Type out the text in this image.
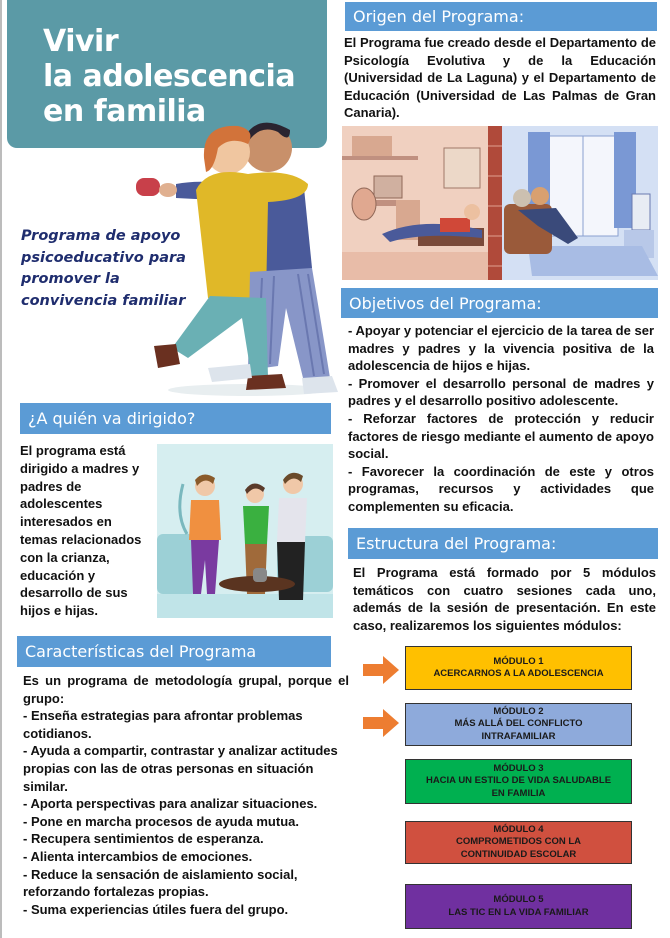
Vivir
la adolescencia
en familia
Programa de apoyo
psicoeducativo para
promover la
convivencia familiar
Origen del Programa:
El Programa fue creado desde el Departamento de Psicología Evolutiva y de la Educación (Universidad de La Laguna) y el Departamento de Educación (Universidad de Las Palmas de Gran Canaria).
Objetivos del Programa:
- Apoyar y potenciar el ejercicio de la tarea de ser madres y padres y la vivencia positiva de la adolescencia de hijos e hijas.
- Promover el desarrollo personal de madres y padres y el desarrollo positivo adolescente.
- Reforzar factores de protección y reducir factores de riesgo mediante el aumento de apoyo social.
- Favorecer la coordinación de este y otros programas, recursos y actividades que complementen su eficacia.
¿A quién va dirigido?
El programa está
dirigido a madres y
padres de
adolescentes
interesados en
temas relacionados
con la crianza,
educación y
desarrollo de sus
hijos e hijas.
Estructura del Programa:
El Programa está formado por 5 módulos temáticos con cuatro sesiones cada uno, además de la sesión de presentación. En este caso, realizaremos los siguientes módulos:
MÓDULO 1
ACERCARNOS A LA ADOLESCENCIA
MÓDULO 2
MÁS ALLÁ DEL CONFLICTO INTRAFAMILIAR
MÓDULO 3
HACIA UN ESTILO DE VIDA SALUDABLE EN FAMILIA
MÓDULO 4
COMPROMETIDOS CON LA CONTINUIDAD ESCOLAR
MÓDULO 5
LAS TIC EN LA VIDA FAMILIAR
Características del Programa
Es un programa de metodología grupal, porque el grupo:
- Enseña estrategias para afrontar problemas cotidianos.
- Ayuda a compartir, contrastar y analizar actitudes propias con las de otras personas en situación similar.
- Aporta perspectivas para analizar situaciones.
- Pone en marcha procesos de ayuda mutua.
- Recupera sentimientos de esperanza.
- Alienta intercambios de emociones.
- Reduce la sensación de aislamiento social, reforzando fortalezas propias.
- Suma experiencias útiles fuera del grupo.
